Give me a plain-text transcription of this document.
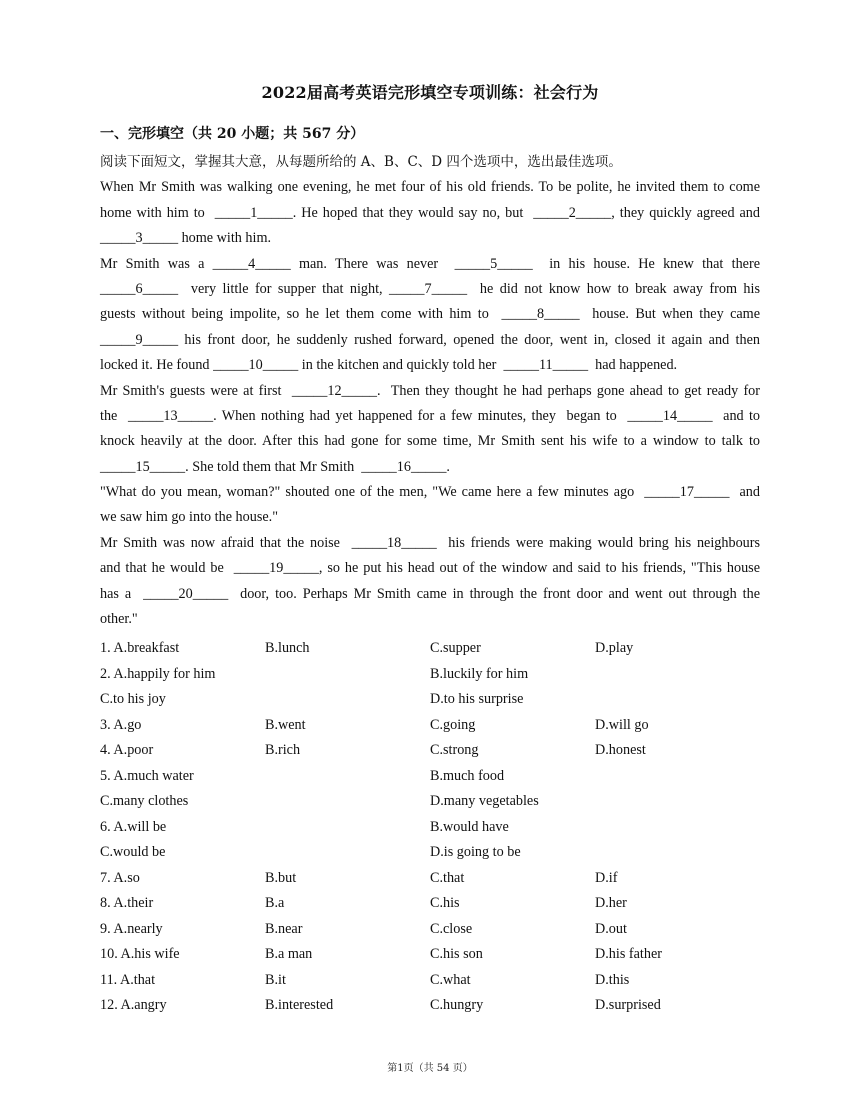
2022届高考英语完形填空专项训练：社会行为
一、完形填空（共 20 小题；共 567 分）
阅读下面短文，掌握其大意，从每题所给的 A、B、C、D 四个选项中，选出最佳选项。
When Mr Smith was walking one evening, he met four of his old friends. To be polite, he invited them to come
home with him to  _____1_____. He hoped that they would say no, but  _____2_____, they quickly agreed and
_____3_____ home with him.
Mr Smith was a _____4_____ man. There was never  _____5_____  in his house. He knew that there
_____6_____  very little for supper that night, _____7_____  he did not know how to break away from his
guests without being impolite, so he let them come with him to  _____8_____  house. But when they came
_____9_____ his front door, he suddenly rushed forward, opened the door, went in, closed it again and then
locked it. He found _____10_____ in the kitchen and quickly told her  _____11_____  had happened.
Mr Smith's guests were at first  _____12_____.  Then they thought he had perhaps gone ahead to get ready for
the  _____13_____. When nothing had yet happened for a few minutes, they  began to  _____14_____  and to
knock heavily at the door. After this had gone for some time, Mr Smith sent his wife to a window to talk to
_____15_____. She told them that Mr Smith  _____16_____.
"What do you mean, woman?" shouted one of the men, "We came here a few minutes ago  _____17_____  and
we saw him go into the house."
Mr Smith was now afraid that the noise  _____18_____  his friends were making would bring his neighbours
and that he would be  _____19_____, so he put his head out of the window and said to his friends, "This house
has a  _____20_____  door, too. Perhaps Mr Smith came in through the front door and went out through the
other."
1. A.breakfast	B.lunch	C.supper	D.play
2. A.happily for him	B.luckily for him
C.to his joy	D.to his surprise
3. A.go	B.went	C.going	D.will go
4. A.poor	B.rich	C.strong	D.honest
5. A.much water	B.much food
C.many clothes	D.many vegetables
6. A.will be	B.would have
C.would be	D.is going to be
7. A.so	B.but	C.that	D.if
8. A.their	B.a	C.his	D.her
9. A.nearly	B.near	C.close	D.out
10. A.his wife	B.a man	C.his son	D.his father
11. A.that	B.it	C.what	D.this
12. A.angry	B.interested	C.hungry	D.surprised
第1页（共 54 页）
